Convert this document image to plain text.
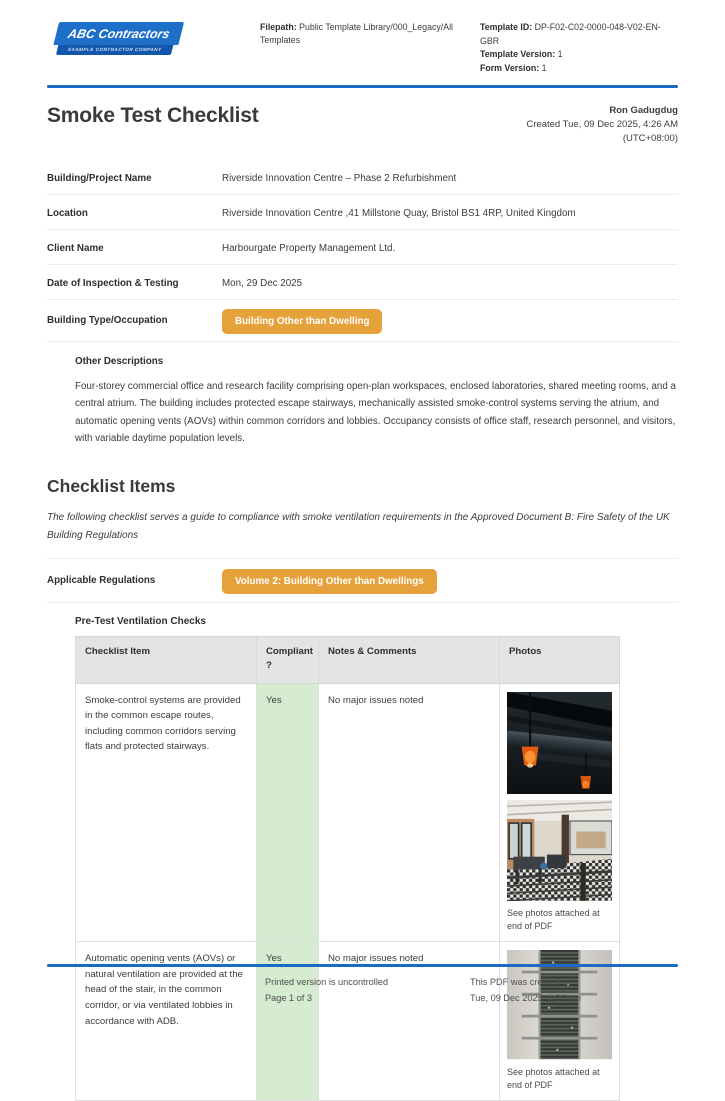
ABC Contractors
EXAMPLE CONTRACTOR COMPANY
Filepath: Public Template Library/000_Legacy/All Templates
Template ID: DP-F02-C02-0000-048-V02-EN-GBR
Template Version: 1
Form Version: 1
Smoke Test Checklist	Ron Gadugdug
Created Tue, 09 Dec 2025, 4:26 AM
(UTC+08:00)
Building/Project Name	Riverside Innovation Centre – Phase 2 Refurbishment
Location	Riverside Innovation Centre ,41 Millstone Quay, Bristol BS1 4RP, United Kingdom
Client Name	Harbourgate Property Management Ltd.
Date of Inspection & Testing	Mon, 29 Dec 2025
Building Type/Occupation	Building Other than Dwelling
Other Descriptions

Four-storey commercial office and research facility comprising open-plan workspaces, enclosed laboratories, shared meeting rooms, and a central atrium. The building includes protected escape stairways, mechanically assisted smoke-control systems serving the atrium, and automatic opening vents (AOVs) within common corridors and lobbies. Occupancy consists of office staff, research personnel, and visitors, with variable daytime population levels.

Checklist Items
The following checklist serves a guide to compliance with smoke ventilation requirements in the Approved Document B: Fire Safety of the UK Building Regulations
Applicable Regulations	Volume 2: Building Other than Dwellings
Pre-Test Ventilation Checks
Checklist Item	Compliant ?	Notes & Comments	Photos
Smoke-control systems are provided in the common escape routes, including common corridors serving flats and protected stairways.	Yes	No major issues noted	See photos attached at end of PDF

Automatic opening vents (AOVs) or natural ventilation are provided at the head of the stair, in the common corridor, or via ventilated lobbies in accordance with ADB.	Yes	No major issues noted	See photos attached at end of PDF
Printed version is uncontrolled
Page 1 of 3
This PDF was created at
Tue, 09 Dec 2025, 4:26 am
